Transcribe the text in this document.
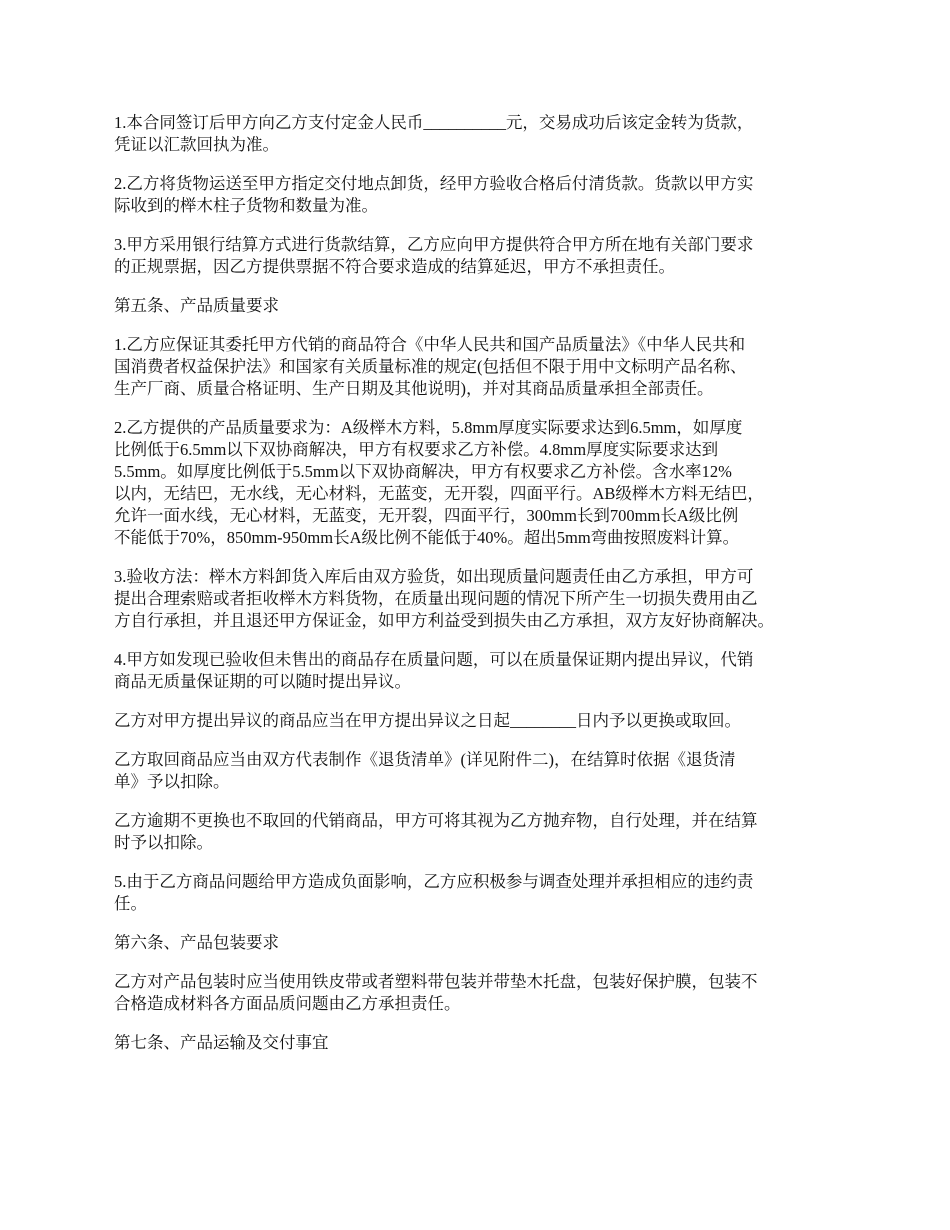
1.本合同签订后甲方向乙方支付定金人民币__________元，交易成功后该定金转为货款，
凭证以汇款回执为准。
2.乙方将货物运送至甲方指定交付地点卸货，经甲方验收合格后付清货款。货款以甲方实
际收到的榉木柱子货物和数量为准。
3.甲方采用银行结算方式进行货款结算，乙方应向甲方提供符合甲方所在地有关部门要求
的正规票据，因乙方提供票据不符合要求造成的结算延迟，甲方不承担责任。
第五条、产品质量要求
1.乙方应保证其委托甲方代销的商品符合《中华人民共和国产品质量法》《中华人民共和
国消费者权益保护法》和国家有关质量标准的规定(包括但不限于用中文标明产品名称、
生产厂商、质量合格证明、生产日期及其他说明)，并对其商品质量承担全部责任。
2.乙方提供的产品质量要求为：A级榉木方料，5.8mm厚度实际要求达到6.5mm，如厚度
比例低于6.5mm以下双协商解决，甲方有权要求乙方补偿。4.8mm厚度实际要求达到
5.5mm。如厚度比例低于5.5mm以下双协商解决，甲方有权要求乙方补偿。含水率12%
以内，无结巴，无水线，无心材料，无蓝变，无开裂，四面平行。AB级榉木方料无结巴，
允许一面水线，无心材料，无蓝变，无开裂，四面平行，300mm长到700mm长A级比例
不能低于70%，850mm-950mm长A级比例不能低于40%。超出5mm弯曲按照废料计算。
3.验收方法：榉木方料卸货入库后由双方验货，如出现质量问题责任由乙方承担，甲方可
提出合理索赔或者拒收榉木方料货物，在质量出现问题的情况下所产生一切损失费用由乙
方自行承担，并且退还甲方保证金，如甲方利益受到损失由乙方承担，双方友好协商解决。
4.甲方如发现已验收但未售出的商品存在质量问题，可以在质量保证期内提出异议，代销
商品无质量保证期的可以随时提出异议。
乙方对甲方提出异议的商品应当在甲方提出异议之日起________日内予以更换或取回。
乙方取回商品应当由双方代表制作《退货清单》(详见附件二)，在结算时依据《退货清
单》予以扣除。
乙方逾期不更换也不取回的代销商品，甲方可将其视为乙方抛弃物，自行处理，并在结算
时予以扣除。
5.由于乙方商品问题给甲方造成负面影响，乙方应积极参与调查处理并承担相应的违约责
任。
第六条、产品包装要求
乙方对产品包装时应当使用铁皮带或者塑料带包装并带垫木托盘，包装好保护膜，包装不
合格造成材料各方面品质问题由乙方承担责任。
第七条、产品运输及交付事宜
